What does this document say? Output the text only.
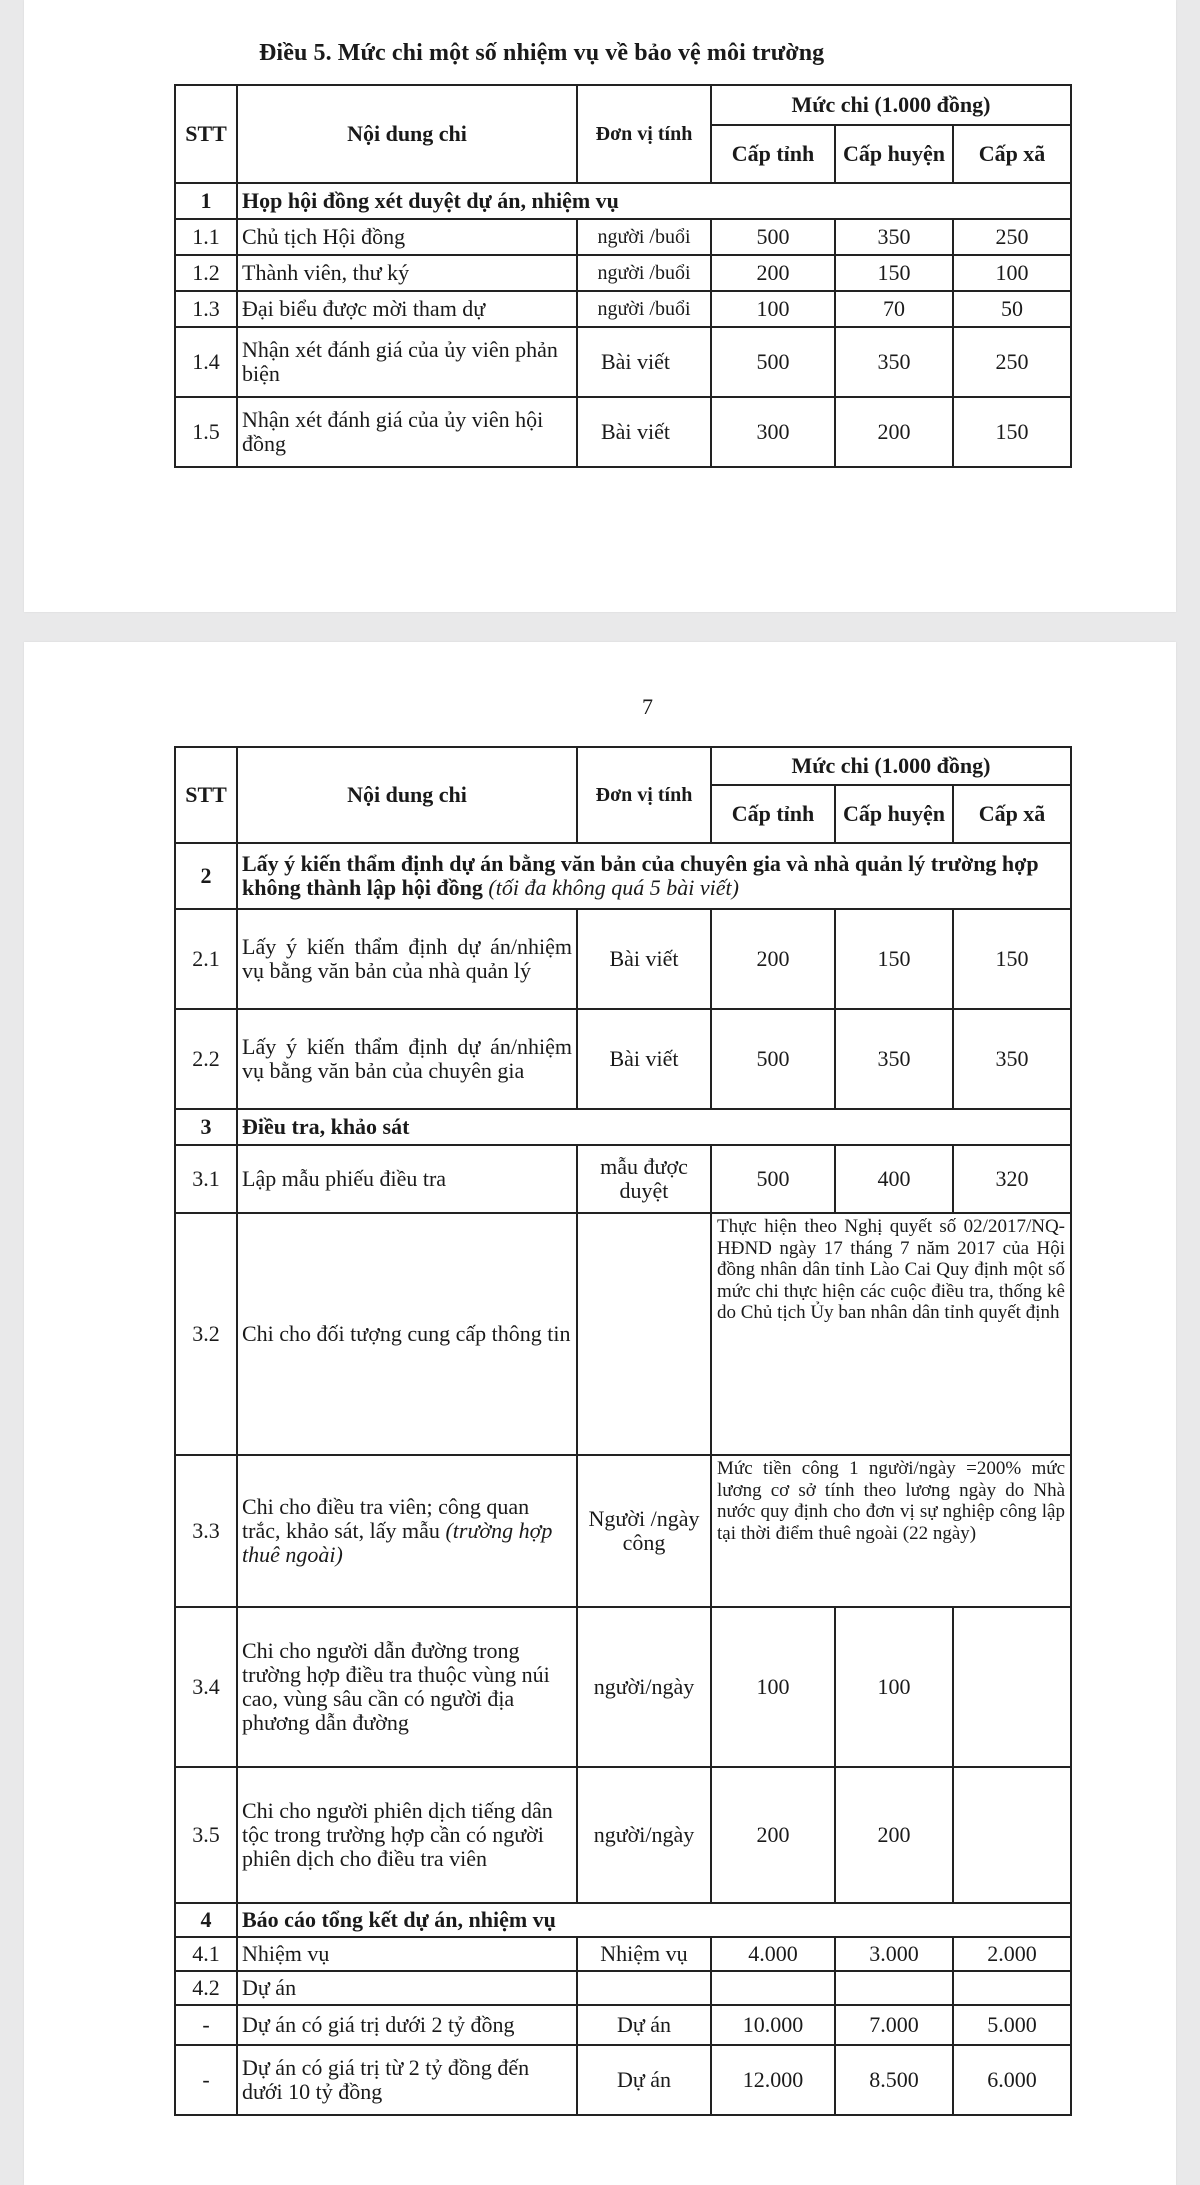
Điều 5. Mức chi một số nhiệm vụ về bảo vệ môi trường
STT	Nội dung chi	Đơn vị tính	Mức chi (1.000 đồng)		
			Cấp tỉnh	Cấp huyện	Cấp xã
1	Họp hội đồng xét duyệt dự án, nhiệm vụ				
1.1	Chủ tịch Hội đồng	người /buổi	500	350	250
1.2	Thành viên, thư ký	người /buổi	200	150	100
1.3	Đại biểu được mời tham dự	người /buổi	100	70	50
1.4	Nhận xét đánh giá của ủy viên phản biện	Bài viết	500	350	250
1.5	Nhận xét đánh giá của ủy viên hội đồng	Bài viết	300	200	150
7
STT	Nội dung chi	Đơn vị tính	Mức chi (1.000 đồng)		
			Cấp tỉnh	Cấp huyện	Cấp xã
2	Lấy ý kiến thẩm định dự án bằng văn bản của chuyên gia và nhà quản lý trường hợp không thành lập hội đồng (tối đa không quá 5 bài viết)				
2.1	Lấy ý kiến thẩm định dự án/nhiệm vụ bằng văn bản của nhà quản lý	Bài viết	200	150	150
2.2	Lấy ý kiến thẩm định dự án/nhiệm vụ bằng văn bản của chuyên gia	Bài viết	500	350	350
3	Điều tra, khảo sát				
3.1	Lập mẫu phiếu điều tra	mẫu được duyệt	500	400	320
3.2	Chi cho đối tượng cung cấp thông tin		Thực hiện theo Nghị quyết số 02/2017/NQ-HĐND ngày 17 tháng 7 năm 2017 của Hội đồng nhân dân tỉnh Lào Cai Quy định một số mức chi thực hiện các cuộc điều tra, thống kê do Chủ tịch Ủy ban nhân dân tỉnh quyết định		
3.3	Chi cho điều tra viên; công quan trắc, khảo sát, lấy mẫu (trường hợp thuê ngoài)	Người /ngày công	Mức tiền công 1 người/ngày =200% mức lương cơ sở tính theo lương ngày do Nhà nước quy định cho đơn vị sự nghiệp công lập tại thời điểm thuê ngoài (22 ngày)		
3.4	Chi cho người dẫn đường trong trường hợp điều tra thuộc vùng núi cao, vùng sâu cần có người địa phương dẫn đường	người/ngày	100	100	
3.5	Chi cho người phiên dịch tiếng dân tộc trong trường hợp cần có người phiên dịch cho điều tra viên	người/ngày	200	200	
4	Báo cáo tổng kết dự án, nhiệm vụ				
4.1	Nhiệm vụ	Nhiệm vụ	4.000	3.000	2.000
4.2	Dự án				
-	Dự án có giá trị dưới 2 tỷ đồng	Dự án	10.000	7.000	5.000
-	Dự án có giá trị từ 2 tỷ đồng đến dưới 10 tỷ đồng	Dự án	12.000	8.500	6.000
